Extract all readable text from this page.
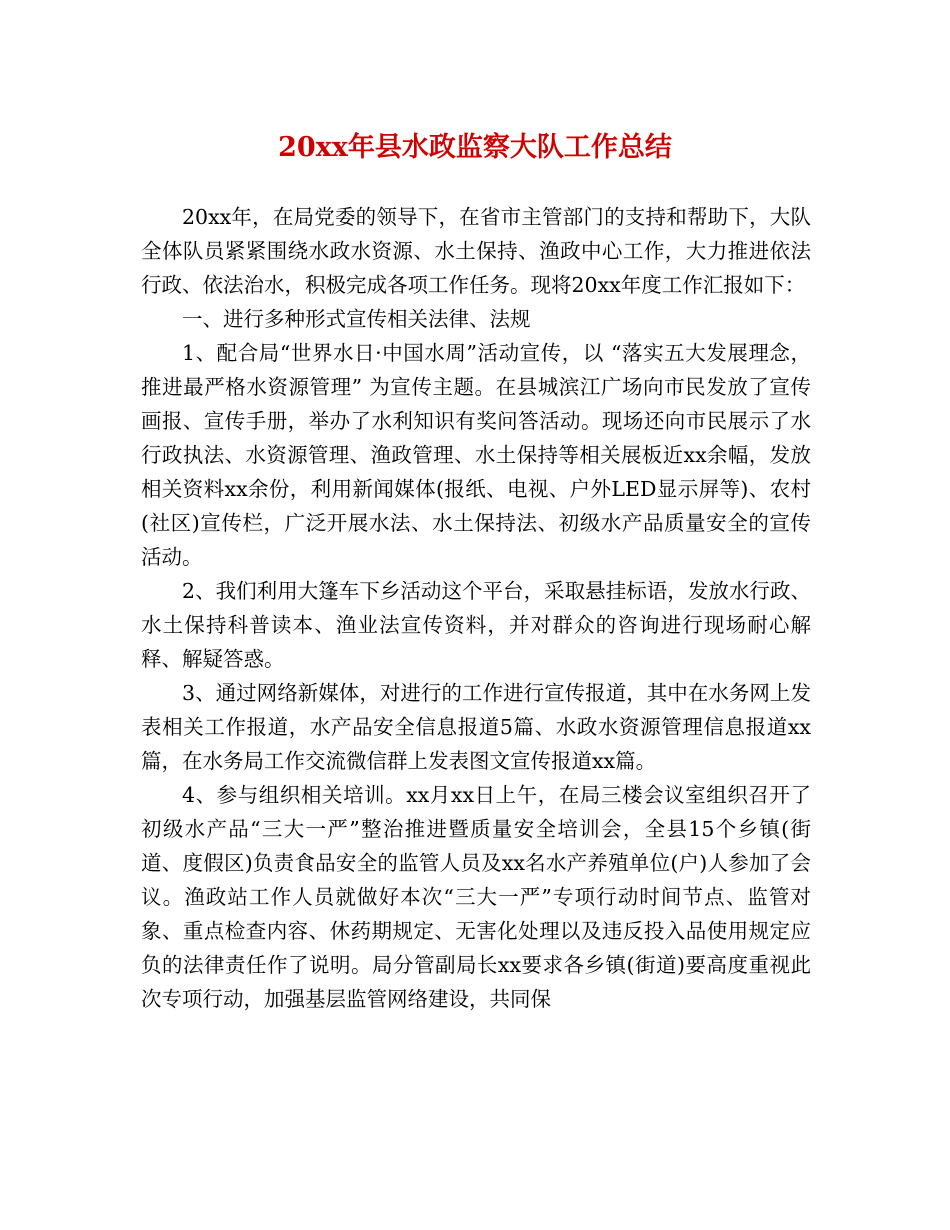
20xx年县水政监察大队工作总结

20xx年，在局党委的领导下，在省市主管部门的支持和帮助下，大队全体队员紧紧围绕水政水资源、水土保持、渔政中心工作，大力推进依法行政、依法治水，积极完成各项工作任务。现将20xx年度工作汇报如下：

一、进行多种形式宣传相关法律、法规

1、配合局“世界水日·中国水周”活动宣传，以 “落实五大发展理念，推进最严格水资源管理” 为宣传主题。在县城滨江广场向市民发放了宣传画报、宣传手册，举办了水利知识有奖问答活动。现场还向市民展示了水行政执法、水资源管理、渔政管理、水土保持等相关展板近xx余幅，发放相关资料xx余份，利用新闻媒体(报纸、电视、户外LED显示屏等)、农村(社区)宣传栏，广泛开展水法、水土保持法、初级水产品质量安全的宣传活动。

2、我们利用大篷车下乡活动这个平台，采取悬挂标语，发放水行政、水土保持科普读本、渔业法宣传资料，并对群众的咨询进行现场耐心解释、解疑答惑。

3、通过网络新媒体，对进行的工作进行宣传报道，其中在水务网上发表相关工作报道，水产品安全信息报道5篇、水政水资源管理信息报道xx篇，在水务局工作交流微信群上发表图文宣传报道xx篇。

4、参与组织相关培训。xx月xx日上午，在局三楼会议室组织召开了初级水产品“三大一严”整治推进暨质量安全培训会，全县15个乡镇(街道、度假区)负责食品安全的监管人员及xx名水产养殖单位(户)人参加了会议。渔政站工作人员就做好本次“三大一严”专项行动时间节点、监管对象、重点检查内容、休药期规定、无害化处理以及违反投入品使用规定应负的法律责任作了说明。局分管副局长xx要求各乡镇(街道)要高度重视此次专项行动，加强基层监管网络建设，共同保
